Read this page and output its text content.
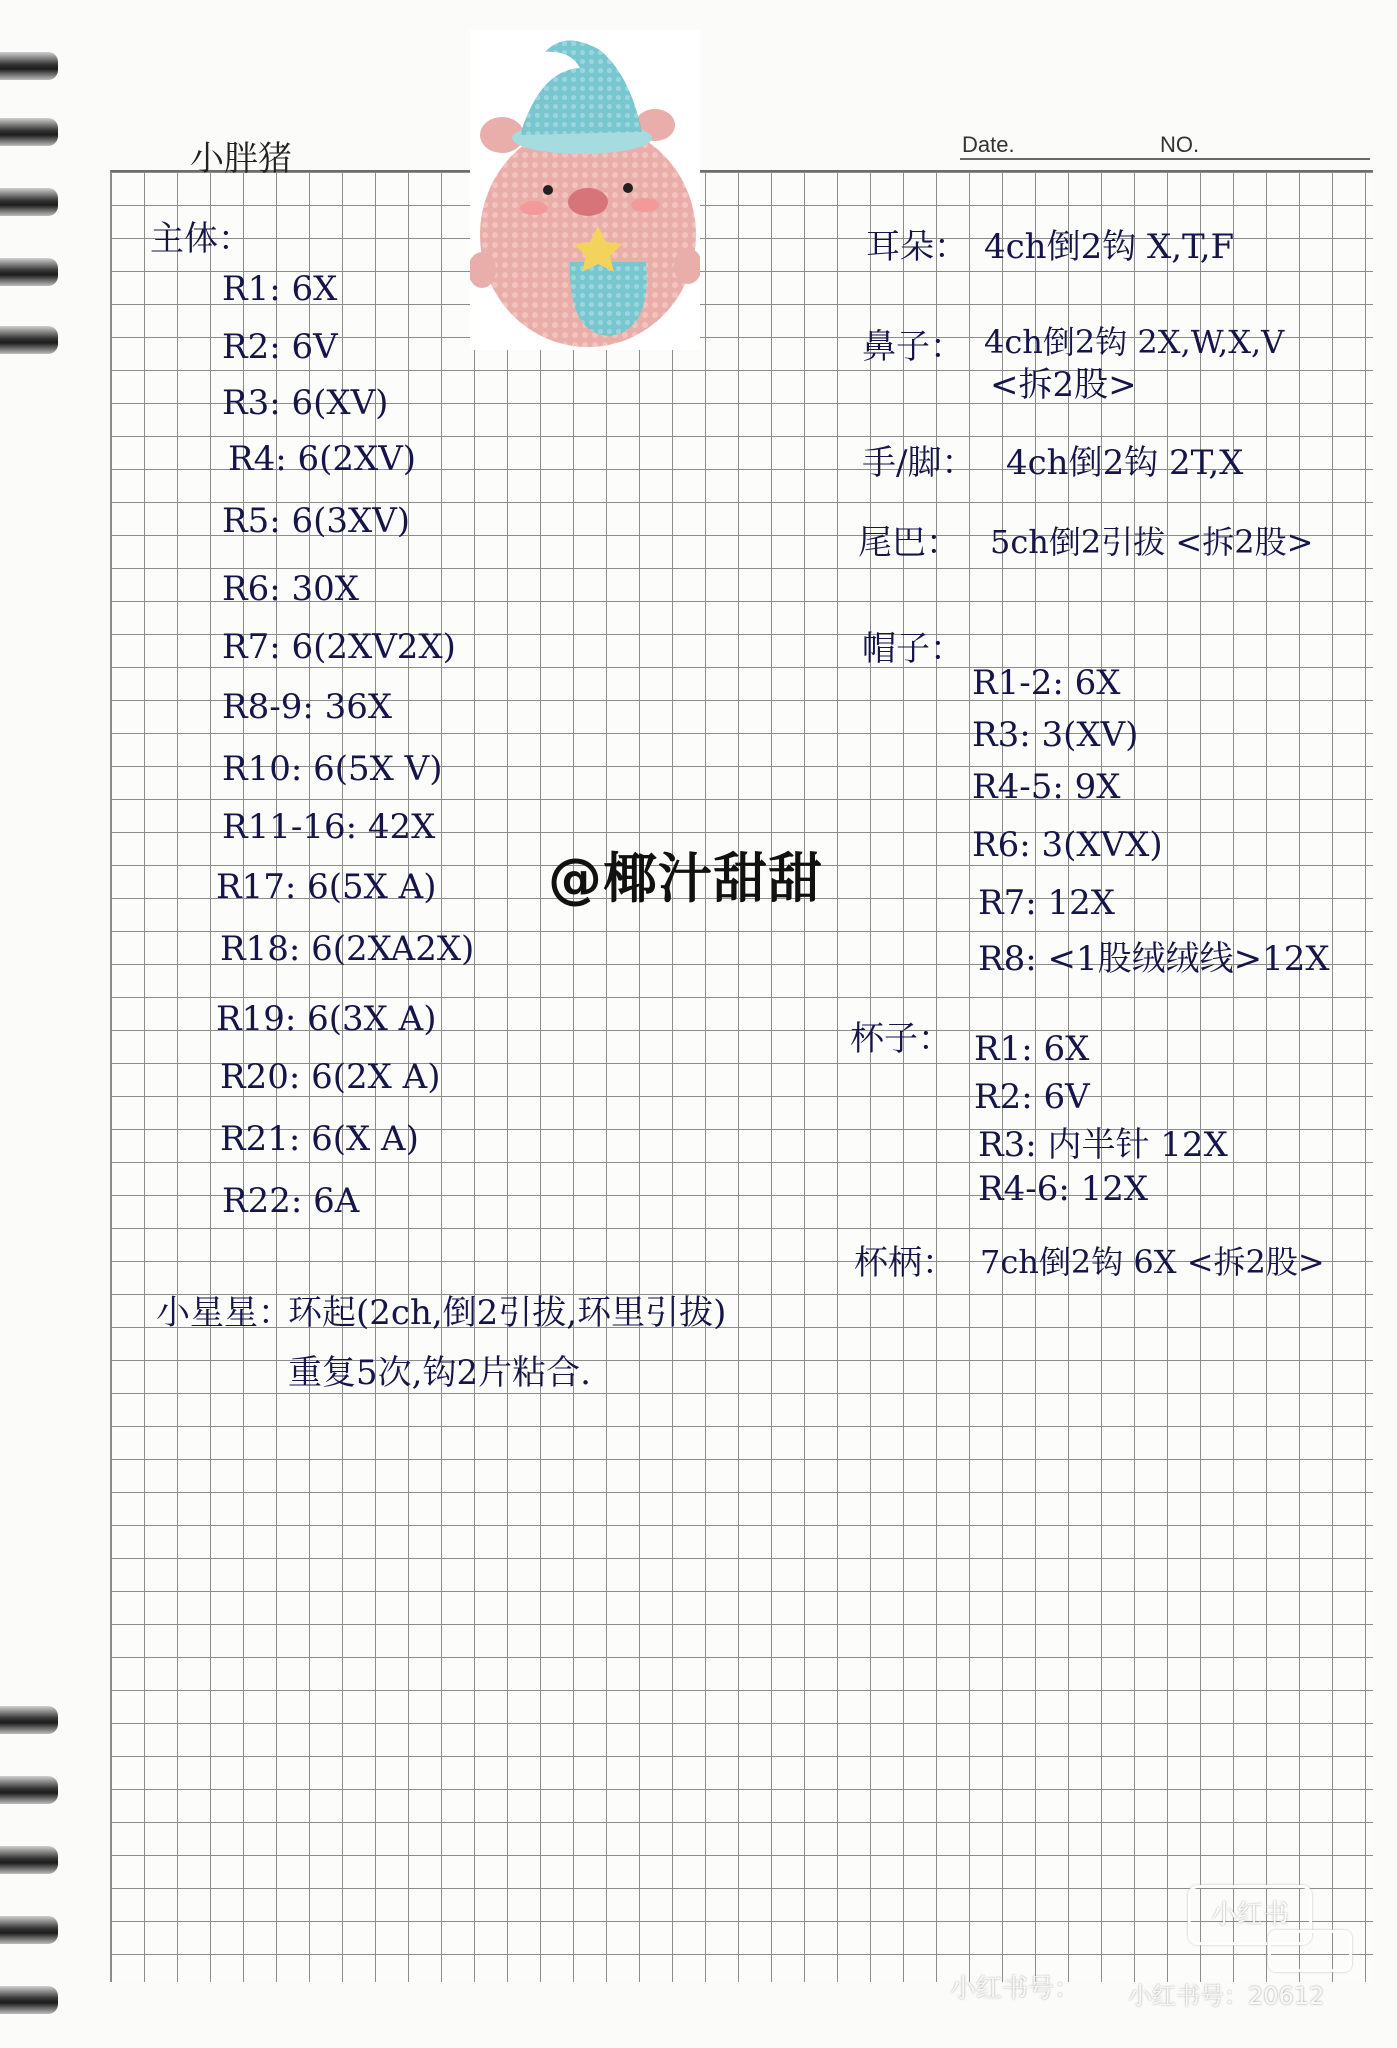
小胖猪	Date.	NO.
主体：
R1: 6X
R2: 6V
R3: 6(XV)
R4: 6(2XV)
R5: 6(3XV)
R6: 30X
R7: 6(2XV2X)
R8-9: 36X
R10: 6(5X V)
R11-16: 42X
R17: 6(5X A)
R18: 6(2XA2X)
R19: 6(3X A)
R20: 6(2X A)
R21: 6(X A)
R22: 6A
小星星：
环起(2ch,倒2引拔,环里引拔)
重复5次,钩2片粘合.
@椰汁甜甜
耳朵： 4ch倒2钩 X,T,F
鼻子： 4ch倒2钩 2X,W,X,V
<拆2股>
手/脚： 4ch倒2钩 2T,X
尾巴： 5ch倒2引拔 <拆2股>
帽子：
R1-2: 6X
R3: 3(XV)
R4-5: 9X
R6: 3(XVX)
R7: 12X
R8: <1股绒绒线>12X
杯子： R1: 6X
R2: 6V
R3: 内半针 12X
R4-6: 12X
杯柄： 7ch倒2钩 6X <拆2股>
小红书
小红书号： 小红书号：20612
